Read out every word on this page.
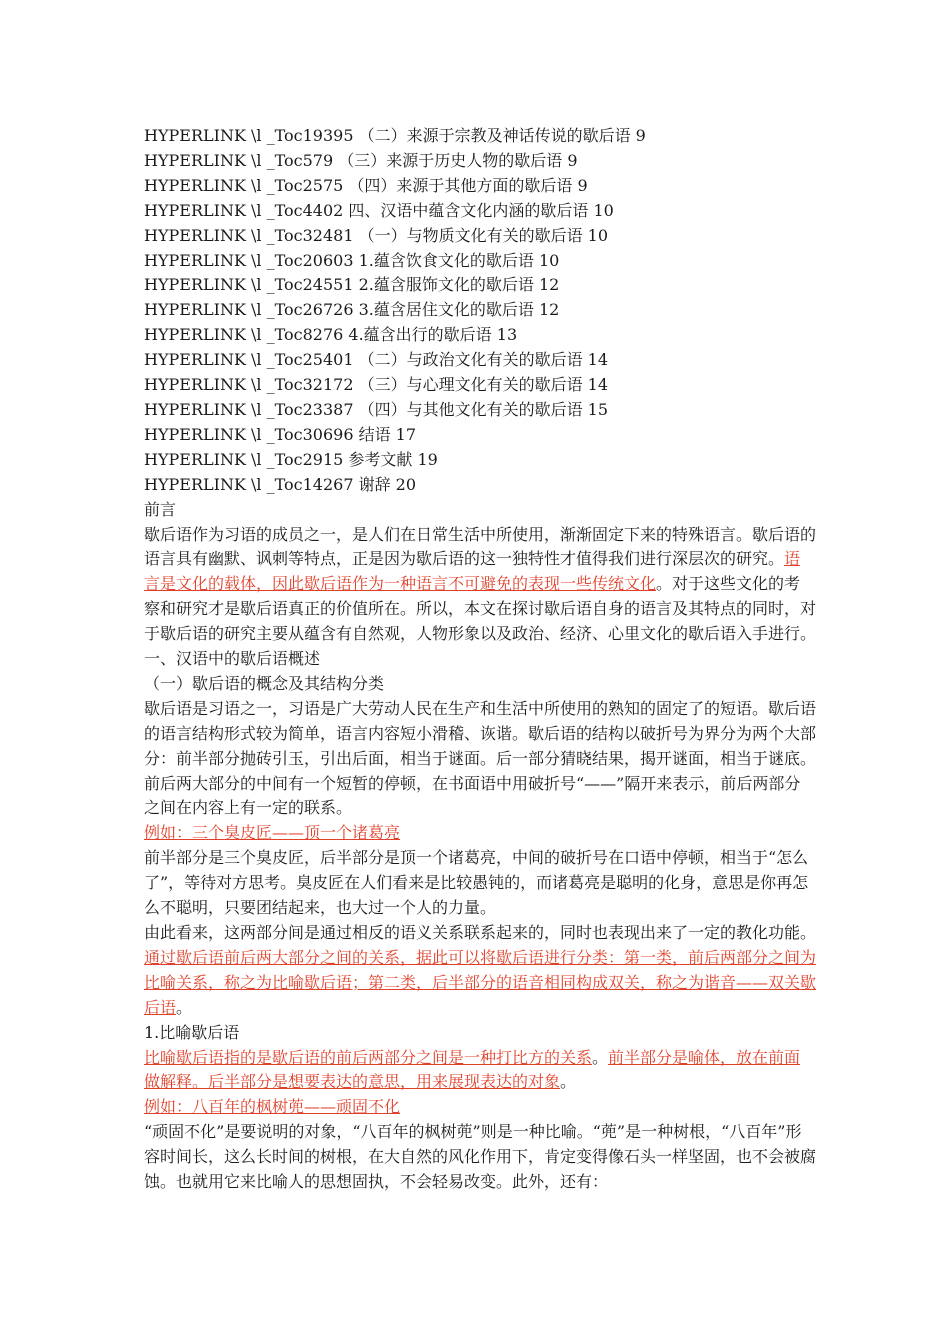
HYPERLINK \l _Toc19395 （二）来源于宗教及神话传说的歇后语 9
HYPERLINK \l _Toc579 （三）来源于历史人物的歇后语 9
HYPERLINK \l _Toc2575 （四）来源于其他方面的歇后语 9
HYPERLINK \l _Toc4402 四、汉语中蕴含文化内涵的歇后语 10
HYPERLINK \l _Toc32481 （一）与物质文化有关的歇后语 10
HYPERLINK \l _Toc20603 1.蕴含饮食文化的歇后语 10
HYPERLINK \l _Toc24551 2.蕴含服饰文化的歇后语 12
HYPERLINK \l _Toc26726 3.蕴含居住文化的歇后语 12
HYPERLINK \l _Toc8276 4.蕴含出行的歇后语 13
HYPERLINK \l _Toc25401 （二）与政治文化有关的歇后语 14
HYPERLINK \l _Toc32172 （三）与心理文化有关的歇后语 14
HYPERLINK \l _Toc23387 （四）与其他文化有关的歇后语 15
HYPERLINK \l _Toc30696 结语 17
HYPERLINK \l _Toc2915 参考文献 19
HYPERLINK \l _Toc14267 谢辞 20
前言

歇后语作为习语的成员之一，是人们在日常生活中所使用，渐渐固定下来的特殊语言。歇后语的语言具有幽默、讽刺等特点，正是因为歇后语的这一独特性才值得我们进行深层次的研究。语言是文化的载体，因此歇后语作为一种语言不可避免的表现一些传统文化。对于这些文化的考察和研究才是歇后语真正的价值所在。所以，本文在探讨歇后语自身的语言及其特点的同时，对于歇后语的研究主要从蕴含有自然观，人物形象以及政治、经济、心里文化的歇后语入手进行。

一、汉语中的歇后语概述
（一）歇后语的概念及其结构分类

歇后语是习语之一，习语是广大劳动人民在生产和生活中所使用的熟知的固定了的短语。歇后语的语言结构形式较为简单，语言内容短小滑稽、诙谐。歇后语的结构以破折号为界分为两个大部分：前半部分抛砖引玉，引出后面，相当于谜面。后一部分猜晓结果，揭开谜面，相当于谜底。前后两大部分的中间有一个短暂的停顿，在书面语中用破折号“——”隔开来表示，前后两部分之间在内容上有一定的联系。

例如：三个臭皮匠——顶一个诸葛亮

前半部分是三个臭皮匠，后半部分是顶一个诸葛亮，中间的破折号在口语中停顿，相当于“怎么了”，等待对方思考。臭皮匠在人们看来是比较愚钝的，而诸葛亮是聪明的化身，意思是你再怎么不聪明，只要团结起来，也大过一个人的力量。

由此看来，这两部分间是通过相反的语义关系联系起来的，同时也表现出来了一定的教化功能。通过歇后语前后两大部分之间的关系，据此可以将歇后语进行分类：第一类，前后两部分之间为比喻关系，称之为比喻歇后语；第二类，后半部分的语音相同构成双关，称之为谐音——双关歇后语。

1.比喻歇后语

比喻歇后语指的是歇后语的前后两部分之间是一种打比方的关系。前半部分是喻体，放在前面做解释。后半部分是想要表达的意思，用来展现表达的对象。

例如：八百年的枫树蔸——顽固不化

“顽固不化”是要说明的对象，“八百年的枫树蔸”则是一种比喻。“蔸”是一种树根，“八百年”形容时间长，这么长时间的树根，在大自然的风化作用下，肯定变得像石头一样坚固，也不会被腐蚀。也就用它来比喻人的思想固执，不会轻易改变。此外，还有：
